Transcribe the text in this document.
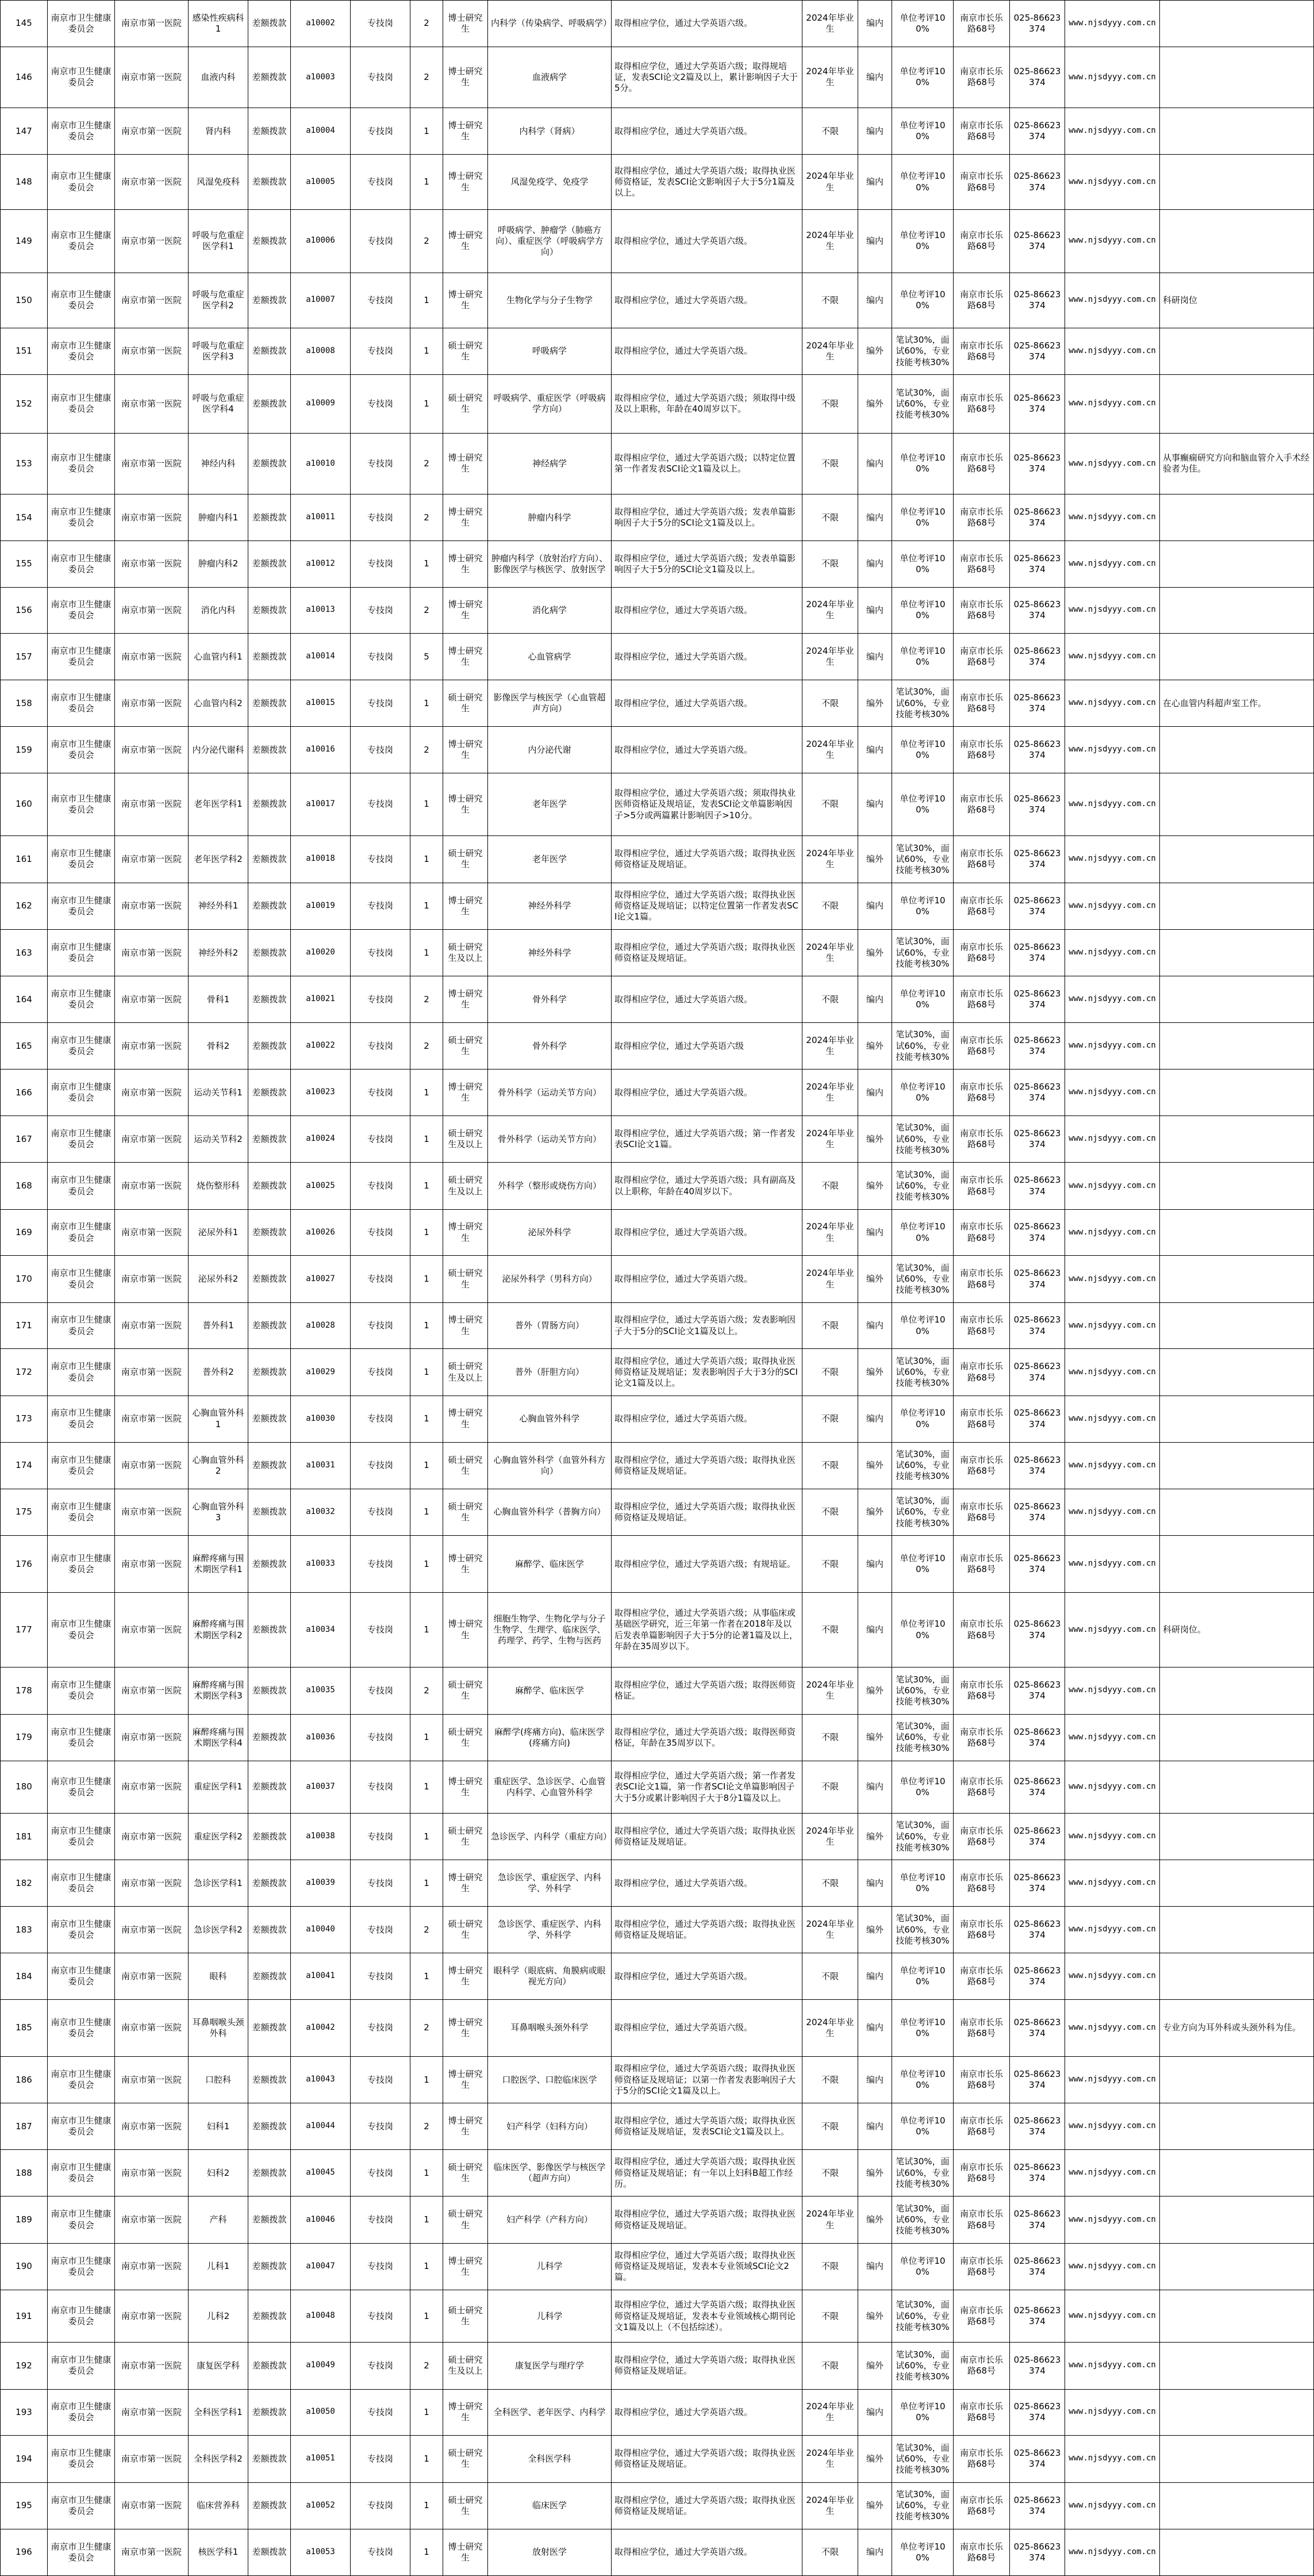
145	南京市卫生健康委员会	南京市第一医院	感染性疾病科1	差额拨款	a10002	专技岗	2	博士研究生	内科学（传染病学、呼吸病学）	取得相应学位，通过大学英语六级。	2024年毕业生	编内	单位考评100%	南京市长乐路68号	025-86623374	www.njsdyyy.com.cn	
146	南京市卫生健康委员会	南京市第一医院	血液内科	差额拨款	a10003	专技岗	2	博士研究生	血液病学	取得相应学位，通过大学英语六级；取得规培证，发表SCI论文2篇及以上，累计影响因子大于5分。	2024年毕业生	编内	单位考评100%	南京市长乐路68号	025-86623374	www.njsdyyy.com.cn	
147	南京市卫生健康委员会	南京市第一医院	肾内科	差额拨款	a10004	专技岗	1	博士研究生	内科学（肾病）	取得相应学位，通过大学英语六级。	不限	编内	单位考评100%	南京市长乐路68号	025-86623374	www.njsdyyy.com.cn	
148	南京市卫生健康委员会	南京市第一医院	风湿免疫科	差额拨款	a10005	专技岗	1	博士研究生	风湿免疫学、免疫学	取得相应学位，通过大学英语六级；取得执业医师资格证，发表SCI论文影响因子大于5分1篇及以上。	2024年毕业生	编内	单位考评100%	南京市长乐路68号	025-86623374	www.njsdyyy.com.cn	
149	南京市卫生健康委员会	南京市第一医院	呼吸与危重症医学科1	差额拨款	a10006	专技岗	2	博士研究生	呼吸病学、肿瘤学（肺癌方向）、重症医学（呼吸病学方向）	取得相应学位，通过大学英语六级。	2024年毕业生	编内	单位考评100%	南京市长乐路68号	025-86623374	www.njsdyyy.com.cn	
150	南京市卫生健康委员会	南京市第一医院	呼吸与危重症医学科2	差额拨款	a10007	专技岗	1	博士研究生	生物化学与分子生物学	取得相应学位，通过大学英语六级。	不限	编内	单位考评100%	南京市长乐路68号	025-86623374	www.njsdyyy.com.cn	科研岗位
151	南京市卫生健康委员会	南京市第一医院	呼吸与危重症医学科3	差额拨款	a10008	专技岗	1	硕士研究生	呼吸病学	取得相应学位，通过大学英语六级。	2024年毕业生	编外	笔试30%，面试60%，专业技能考核30%	南京市长乐路68号	025-86623374	www.njsdyyy.com.cn	
152	南京市卫生健康委员会	南京市第一医院	呼吸与危重症医学科4	差额拨款	a10009	专技岗	1	硕士研究生	呼吸病学、重症医学（呼吸病学方向）	取得相应学位，通过大学英语六级；须取得中级及以上职称，年龄在40周岁以下。	不限	编外	笔试30%，面试60%，专业技能考核30%	南京市长乐路68号	025-86623374	www.njsdyyy.com.cn	
153	南京市卫生健康委员会	南京市第一医院	神经内科	差额拨款	a10010	专技岗	2	博士研究生	神经病学	取得相应学位，通过大学英语六级；以特定位置第一作者发表SCI论文1篇及以上。	不限	编内	单位考评100%	南京市长乐路68号	025-86623374	www.njsdyyy.com.cn	从事癫痫研究方向和脑血管介入手术经验者为佳。
154	南京市卫生健康委员会	南京市第一医院	肿瘤内科1	差额拨款	a10011	专技岗	2	博士研究生	肿瘤内科学	取得相应学位，通过大学英语六级；发表单篇影响因子大于5分的SCI论文1篇及以上。	不限	编内	单位考评100%	南京市长乐路68号	025-86623374	www.njsdyyy.com.cn	
155	南京市卫生健康委员会	南京市第一医院	肿瘤内科2	差额拨款	a10012	专技岗	1	博士研究生	肿瘤内科学（放射治疗方向）、影像医学与核医学、放射医学	取得相应学位，通过大学英语六级；发表单篇影响因子大于5分的SCI论文1篇及以上。	不限	编内	单位考评100%	南京市长乐路68号	025-86623374	www.njsdyyy.com.cn	
156	南京市卫生健康委员会	南京市第一医院	消化内科	差额拨款	a10013	专技岗	2	博士研究生	消化病学	取得相应学位，通过大学英语六级。	2024年毕业生	编内	单位考评100%	南京市长乐路68号	025-86623374	www.njsdyyy.com.cn	
157	南京市卫生健康委员会	南京市第一医院	心血管内科1	差额拨款	a10014	专技岗	5	博士研究生	心血管病学	取得相应学位，通过大学英语六级。	2024年毕业生	编内	单位考评100%	南京市长乐路68号	025-86623374	www.njsdyyy.com.cn	
158	南京市卫生健康委员会	南京市第一医院	心血管内科2	差额拨款	a10015	专技岗	1	硕士研究生	影像医学与核医学（心血管超声方向）	取得相应学位，通过大学英语六级。	不限	编外	笔试30%，面试60%，专业技能考核30%	南京市长乐路68号	025-86623374	www.njsdyyy.com.cn	在心血管内科超声室工作。
159	南京市卫生健康委员会	南京市第一医院	内分泌代谢科	差额拨款	a10016	专技岗	2	博士研究生	内分泌代谢	取得相应学位，通过大学英语六级。	2024年毕业生	编内	单位考评100%	南京市长乐路68号	025-86623374	www.njsdyyy.com.cn	
160	南京市卫生健康委员会	南京市第一医院	老年医学科1	差额拨款	a10017	专技岗	1	博士研究生	老年医学	取得相应学位，通过大学英语六级；须取得执业医师资格证及规培证，发表SCI论文单篇影响因子>5分或两篇累计影响因子>10分。	不限	编内	单位考评100%	南京市长乐路68号	025-86623374	www.njsdyyy.com.cn	
161	南京市卫生健康委员会	南京市第一医院	老年医学科2	差额拨款	a10018	专技岗	1	硕士研究生	老年医学	取得相应学位，通过大学英语六级；取得执业医师资格证及规培证。	2024年毕业生	编外	笔试30%，面试60%，专业技能考核30%	南京市长乐路68号	025-86623374	www.njsdyyy.com.cn	
162	南京市卫生健康委员会	南京市第一医院	神经外科1	差额拨款	a10019	专技岗	1	博士研究生	神经外科学	取得相应学位，通过大学英语六级；取得执业医师资格证及规培证；以特定位置第一作者发表SCI论文1篇。	不限	编内	单位考评100%	南京市长乐路68号	025-86623374	www.njsdyyy.com.cn	
163	南京市卫生健康委员会	南京市第一医院	神经外科2	差额拨款	a10020	专技岗	1	硕士研究生及以上	神经外科学	取得相应学位，通过大学英语六级；取得执业医师资格证及规培证。	2024年毕业生	编外	笔试30%，面试60%，专业技能考核30%	南京市长乐路68号	025-86623374	www.njsdyyy.com.cn	
164	南京市卫生健康委员会	南京市第一医院	骨科1	差额拨款	a10021	专技岗	2	博士研究生	骨外科学	取得相应学位，通过大学英语六级。	不限	编内	单位考评100%	南京市长乐路68号	025-86623374	www.njsdyyy.com.cn	
165	南京市卫生健康委员会	南京市第一医院	骨科2	差额拨款	a10022	专技岗	2	硕士研究生	骨外科学	取得相应学位，通过大学英语六级	2024年毕业生	编外	笔试30%，面试60%，专业技能考核30%	南京市长乐路68号	025-86623374	www.njsdyyy.com.cn	
166	南京市卫生健康委员会	南京市第一医院	运动关节科1	差额拨款	a10023	专技岗	1	博士研究生	骨外科学（运动关节方向）	取得相应学位，通过大学英语六级。	2024年毕业生	编内	单位考评100%	南京市长乐路68号	025-86623374	www.njsdyyy.com.cn	
167	南京市卫生健康委员会	南京市第一医院	运动关节科2	差额拨款	a10024	专技岗	1	硕士研究生及以上	骨外科学（运动关节方向）	取得相应学位，通过大学英语六级；第一作者发表SCI论文1篇。	2024年毕业生	编外	笔试30%，面试60%，专业技能考核30%	南京市长乐路68号	025-86623374	www.njsdyyy.com.cn	
168	南京市卫生健康委员会	南京市第一医院	烧伤整形科	差额拨款	a10025	专技岗	1	硕士研究生及以上	外科学（整形或烧伤方向）	取得相应学位，通过大学英语六级；具有副高及以上职称，年龄在40周岁以下。	不限	编外	笔试30%，面试60%，专业技能考核30%	南京市长乐路68号	025-86623374	www.njsdyyy.com.cn	
169	南京市卫生健康委员会	南京市第一医院	泌尿外科1	差额拨款	a10026	专技岗	1	博士研究生	泌尿外科学	取得相应学位，通过大学英语六级。	2024年毕业生	编内	单位考评100%	南京市长乐路68号	025-86623374	www.njsdyyy.com.cn	
170	南京市卫生健康委员会	南京市第一医院	泌尿外科2	差额拨款	a10027	专技岗	1	硕士研究生	泌尿外科学（男科方向）	取得相应学位，通过大学英语六级。	2024年毕业生	编外	笔试30%，面试60%，专业技能考核30%	南京市长乐路68号	025-86623374	www.njsdyyy.com.cn	
171	南京市卫生健康委员会	南京市第一医院	普外科1	差额拨款	a10028	专技岗	1	博士研究生	普外（胃肠方向）	取得相应学位，通过大学英语六级；发表影响因子大于5分的SCI论文1篇及以上。	不限	编内	单位考评100%	南京市长乐路68号	025-86623374	www.njsdyyy.com.cn	
172	南京市卫生健康委员会	南京市第一医院	普外科2	差额拨款	a10029	专技岗	1	硕士研究生及以上	普外（肝胆方向）	取得相应学位，通过大学英语六级；取得执业医师资格证及规培证；发表影响因子大于3分的SCI论文1篇及以上。	不限	编外	笔试30%，面试60%，专业技能考核30%	南京市长乐路68号	025-86623374	www.njsdyyy.com.cn	
173	南京市卫生健康委员会	南京市第一医院	心胸血管外科1	差额拨款	a10030	专技岗	1	博士研究生	心胸血管外科学	取得相应学位，通过大学英语六级。	不限	编内	单位考评100%	南京市长乐路68号	025-86623374	www.njsdyyy.com.cn	
174	南京市卫生健康委员会	南京市第一医院	心胸血管外科2	差额拨款	a10031	专技岗	1	硕士研究生	心胸血管外科学（血管外科方向）	取得相应学位，通过大学英语六级；取得执业医师资格证及规培证。	不限	编外	笔试30%，面试60%，专业技能考核30%	南京市长乐路68号	025-86623374	www.njsdyyy.com.cn	
175	南京市卫生健康委员会	南京市第一医院	心胸血管外科3	差额拨款	a10032	专技岗	1	硕士研究生	心胸血管外科学（普胸方向）	取得相应学位，通过大学英语六级；取得执业医师资格证及规培证。	不限	编外	笔试30%，面试60%，专业技能考核30%	南京市长乐路68号	025-86623374	www.njsdyyy.com.cn	
176	南京市卫生健康委员会	南京市第一医院	麻醉疼痛与围术期医学科1	差额拨款	a10033	专技岗	1	博士研究生	麻醉学、临床医学	取得相应学位，通过大学英语六级；有规培证。	不限	编内	单位考评100%	南京市长乐路68号	025-86623374	www.njsdyyy.com.cn	
177	南京市卫生健康委员会	南京市第一医院	麻醉疼痛与围术期医学科2	差额拨款	a10034	专技岗	1	博士研究生	细胞生物学、生物化学与分子生物学、生理学、临床医学、药理学、药学、生物与医药	取得相应学位，通过大学英语六级；从事临床或基础医学研究，近三年第一作者在2018年及以后发表单篇影响因子大于5分的论著1篇及以上，年龄在35周岁以下。	不限	编内	单位考评100%	南京市长乐路68号	025-86623374	www.njsdyyy.com.cn	科研岗位。
178	南京市卫生健康委员会	南京市第一医院	麻醉疼痛与围术期医学科3	差额拨款	a10035	专技岗	2	硕士研究生	麻醉学、临床医学	取得相应学位，通过大学英语六级；取得医师资格证。	2024年毕业生	编外	笔试30%，面试60%，专业技能考核30%	南京市长乐路68号	025-86623374	www.njsdyyy.com.cn	
179	南京市卫生健康委员会	南京市第一医院	麻醉疼痛与围术期医学科4	差额拨款	a10036	专技岗	1	硕士研究生	麻醉学(疼痛方向)、临床医学(疼痛方向)	取得相应学位，通过大学英语六级；取得医师资格证，年龄在35周岁以下。	不限	编外	笔试30%，面试60%，专业技能考核30%	南京市长乐路68号	025-86623374	www.njsdyyy.com.cn	
180	南京市卫生健康委员会	南京市第一医院	重症医学科1	差额拨款	a10037	专技岗	1	博士研究生	重症医学、急诊医学、心血管内科学、心血管外科学	取得相应学位，通过大学英语六级；第一作者发表SCI论文1篇，第一作者SCI论文单篇影响因子大于5分或累计影响因子大于8分1篇及以上。	不限	编内	单位考评100%	南京市长乐路68号	025-86623374	www.njsdyyy.com.cn	
181	南京市卫生健康委员会	南京市第一医院	重症医学科2	差额拨款	a10038	专技岗	1	硕士研究生	急诊医学、内科学（重症方向）	取得相应学位，通过大学英语六级；取得执业医师资格证及规培证。	2024年毕业生	编外	笔试30%，面试60%，专业技能考核30%	南京市长乐路68号	025-86623374	www.njsdyyy.com.cn	
182	南京市卫生健康委员会	南京市第一医院	急诊医学科1	差额拨款	a10039	专技岗	1	博士研究生	急诊医学、重症医学、内科学、外科学	取得相应学位，通过大学英语六级。	不限	编内	单位考评100%	南京市长乐路68号	025-86623374	www.njsdyyy.com.cn	
183	南京市卫生健康委员会	南京市第一医院	急诊医学科2	差额拨款	a10040	专技岗	2	硕士研究生	急诊医学、重症医学、内科学、外科学	取得相应学位，通过大学英语六级；取得执业医师资格证及规培证。	2024年毕业生	编外	笔试30%，面试60%，专业技能考核30%	南京市长乐路68号	025-86623374	www.njsdyyy.com.cn	
184	南京市卫生健康委员会	南京市第一医院	眼科	差额拨款	a10041	专技岗	1	博士研究生	眼科学（眼底病、角膜病或眼视光方向）	取得相应学位，通过大学英语六级。	不限	编内	单位考评100%	南京市长乐路68号	025-86623374	www.njsdyyy.com.cn	
185	南京市卫生健康委员会	南京市第一医院	耳鼻咽喉头颈外科	差额拨款	a10042	专技岗	2	博士研究生	耳鼻咽喉头颈外科学	取得相应学位，通过大学英语六级。	2024年毕业生	编内	单位考评100%	南京市长乐路68号	025-86623374	www.njsdyyy.com.cn	专业方向为耳外科或头颈外科为佳。
186	南京市卫生健康委员会	南京市第一医院	口腔科	差额拨款	a10043	专技岗	1	博士研究生	口腔医学、口腔临床医学	取得相应学位，通过大学英语六级；取得执业医师资格证及规培证；以第一作者发表影响因子大于5分的SCI论文1篇及以上。	不限	编内	单位考评100%	南京市长乐路68号	025-86623374	www.njsdyyy.com.cn	
187	南京市卫生健康委员会	南京市第一医院	妇科1	差额拨款	a10044	专技岗	2	博士研究生	妇产科学（妇科方向）	取得相应学位，通过大学英语六级；取得执业医师资格证及规培证，发表SCI论文1篇及以上。	不限	编内	单位考评100%	南京市长乐路68号	025-86623374	www.njsdyyy.com.cn	
188	南京市卫生健康委员会	南京市第一医院	妇科2	差额拨款	a10045	专技岗	1	硕士研究生	临床医学、影像医学与核医学（超声方向）	取得相应学位，通过大学英语六级；取得执业医师资格证及规培证；有一年以上妇科B超工作经历。	不限	编外	笔试30%，面试60%，专业技能考核30%	南京市长乐路68号	025-86623374	www.njsdyyy.com.cn	
189	南京市卫生健康委员会	南京市第一医院	产科	差额拨款	a10046	专技岗	1	硕士研究生	妇产科学（产科方向）	取得相应学位，通过大学英语六级；取得执业医师资格证及规培证。	2024年毕业生	编外	笔试30%，面试60%，专业技能考核30%	南京市长乐路68号	025-86623374	www.njsdyyy.com.cn	
190	南京市卫生健康委员会	南京市第一医院	儿科1	差额拨款	a10047	专技岗	1	博士研究生	儿科学	取得相应学位，通过大学英语六级；取得执业医师资格证及规培证，发表本专业领域SCI论文2篇。	不限	编内	单位考评100%	南京市长乐路68号	025-86623374	www.njsdyyy.com.cn	
191	南京市卫生健康委员会	南京市第一医院	儿科2	差额拨款	a10048	专技岗	1	硕士研究生	儿科学	取得相应学位，通过大学英语六级；取得执业医师资格证及规培证，发表本专业领域核心期刊论文1篇及以上（不包括综述）。	不限	编外	笔试30%，面试60%，专业技能考核30%	南京市长乐路68号	025-86623374	www.njsdyyy.com.cn	
192	南京市卫生健康委员会	南京市第一医院	康复医学科	差额拨款	a10049	专技岗	2	硕士研究生及以上	康复医学与理疗学	取得相应学位，通过大学英语六级；取得执业医师资格证及规培证。	不限	编外	笔试30%，面试60%，专业技能考核30%	南京市长乐路68号	025-86623374	www.njsdyyy.com.cn	
193	南京市卫生健康委员会	南京市第一医院	全科医学科1	差额拨款	a10050	专技岗	1	博士研究生	全科医学、老年医学、内科学	取得相应学位，通过大学英语六级。	2024年毕业生	编内	单位考评100%	南京市长乐路68号	025-86623374	www.njsdyyy.com.cn	
194	南京市卫生健康委员会	南京市第一医院	全科医学科2	差额拨款	a10051	专技岗	1	硕士研究生	全科医学科	取得相应学位，通过大学英语六级；取得执业医师资格证及规培证。	2024年毕业生	编外	笔试30%，面试60%，专业技能考核30%	南京市长乐路68号	025-86623374	www.njsdyyy.com.cn	
195	南京市卫生健康委员会	南京市第一医院	临床营养科	差额拨款	a10052	专技岗	1	硕士研究生	临床医学	取得相应学位，通过大学英语六级；取得执业医师资格证及规培证。	2024年毕业生	编外	笔试30%，面试60%，专业技能考核30%	南京市长乐路68号	025-86623374	www.njsdyyy.com.cn	
196	南京市卫生健康委员会	南京市第一医院	核医学科1	差额拨款	a10053	专技岗	1	博士研究生	放射医学	取得相应学位，通过大学英语六级。	不限	编内	单位考评100%	南京市长乐路68号	025-86623374	www.njsdyyy.com.cn	
